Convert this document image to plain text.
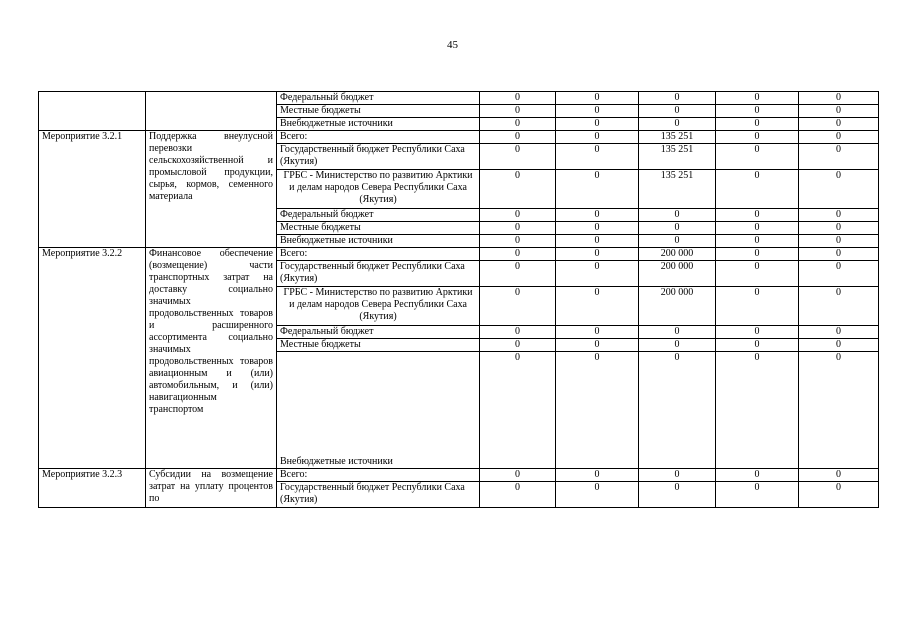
45
		Федеральный бюджет	0	0	0	0	0
		Местные бюджеты	0	0	0	0	0
		Внебюджетные источники	0	0	0	0	0
Мероприятие 3.2.1	Поддержка внеулусной перевозки сельскохозяйственной и промысловой продукции, сырья, кормов, семенного материала	Всего:	0	0	135 251	0	0
		Государственный бюджет Республики Саха (Якутия)	0	0	135 251	0	0
		ГРБС - Министерство по развитию Арктики и делам народов Севера Республики Саха (Якутия)	0	0	135 251	0	0
		Федеральный бюджет	0	0	0	0	0
		Местные бюджеты	0	0	0	0	0
		Внебюджетные источники	0	0	0	0	0
Мероприятие 3.2.2	Финансовое обеспечение (возмещение) части транспортных затрат на доставку социально значимых продовольственных товаров и расширенного ассортимента социально значимых продовольственных товаров авиационным и (или) автомобильным, и (или) навигационным транспортом	Всего:	0	0	200 000	0	0
		Государственный бюджет Республики Саха (Якутия)	0	0	200 000	0	0
		ГРБС - Министерство по развитию Арктики и делам народов Севера Республики Саха (Якутия)	0	0	200 000	0	0
		Федеральный бюджет	0	0	0	0	0
		Местные бюджеты	0	0	0	0	0
		Внебюджетные источники	0	0	0	0	0
Мероприятие 3.2.3	Субсидии на возмещение затрат на уплату процентов по	Всего:	0	0	0	0	0
		Государственный бюджет Республики Саха (Якутия)	0	0	0	0	0
